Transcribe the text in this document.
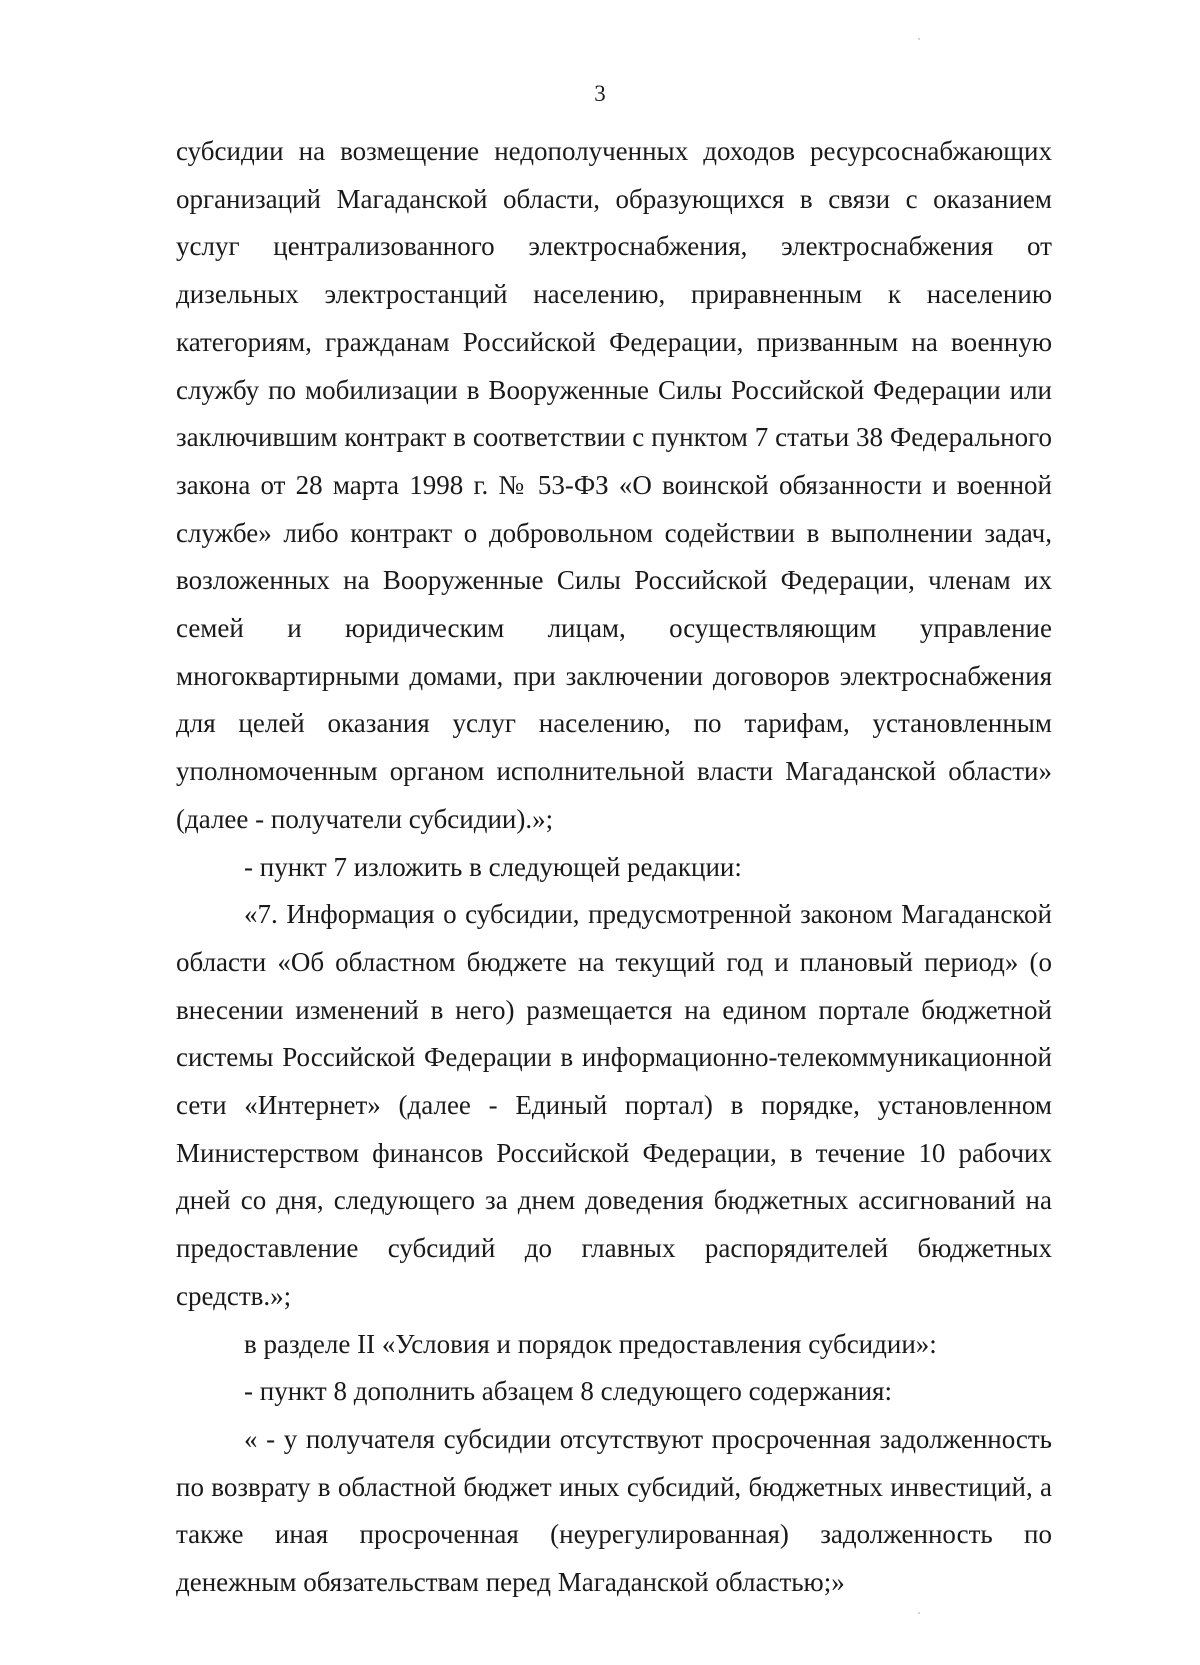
3

субсидии на возмещение недополученных доходов ресурсоснабжающих организаций Магаданской области, образующихся в связи с оказанием услуг централизованного электроснабжения, электроснабжения от дизельных электростанций населению, приравненным к населению категориям, гражданам Российской Федерации, призванным на военную службу по мобилизации в Вооруженные Силы Российской Федерации или заключившим контракт в соответствии с пунктом 7 статьи 38 Федерального закона от 28 марта 1998 г. № 53-ФЗ «О воинской обязанности и военной службе» либо контракт о добровольном содействии в выполнении задач, возложенных на Вооруженные Силы Российской Федерации, членам их семей и юридическим лицам, осуществляющим управление многоквартирными домами, при заключении договоров электроснабжения для целей оказания услуг населению, по тарифам, установленным уполномоченным органом исполнительной власти Магаданской области» (далее - получатели субсидии).»;

- пункт 7 изложить в следующей редакции:

«7. Информация о субсидии, предусмотренной законом Магаданской области «Об областном бюджете на текущий год и плановый период» (о внесении изменений в него) размещается на едином портале бюджетной системы Российской Федерации в информационно-телекоммуникационной сети «Интернет» (далее - Единый портал) в порядке, установленном Министерством финансов Российской Федерации, в течение 10 рабочих дней со дня, следующего за днем доведения бюджетных ассигнований на предоставление субсидий до главных распорядителей бюджетных средств.»;

в разделе II «Условия и порядок предоставления субсидии»:

- пункт 8 дополнить абзацем 8 следующего содержания:

« - у получателя субсидии отсутствуют просроченная задолженность по возврату в областной бюджет иных субсидий, бюджетных инвестиций, а также иная просроченная (неурегулированная) задолженность по денежным обязательствам перед Магаданской областью;»
